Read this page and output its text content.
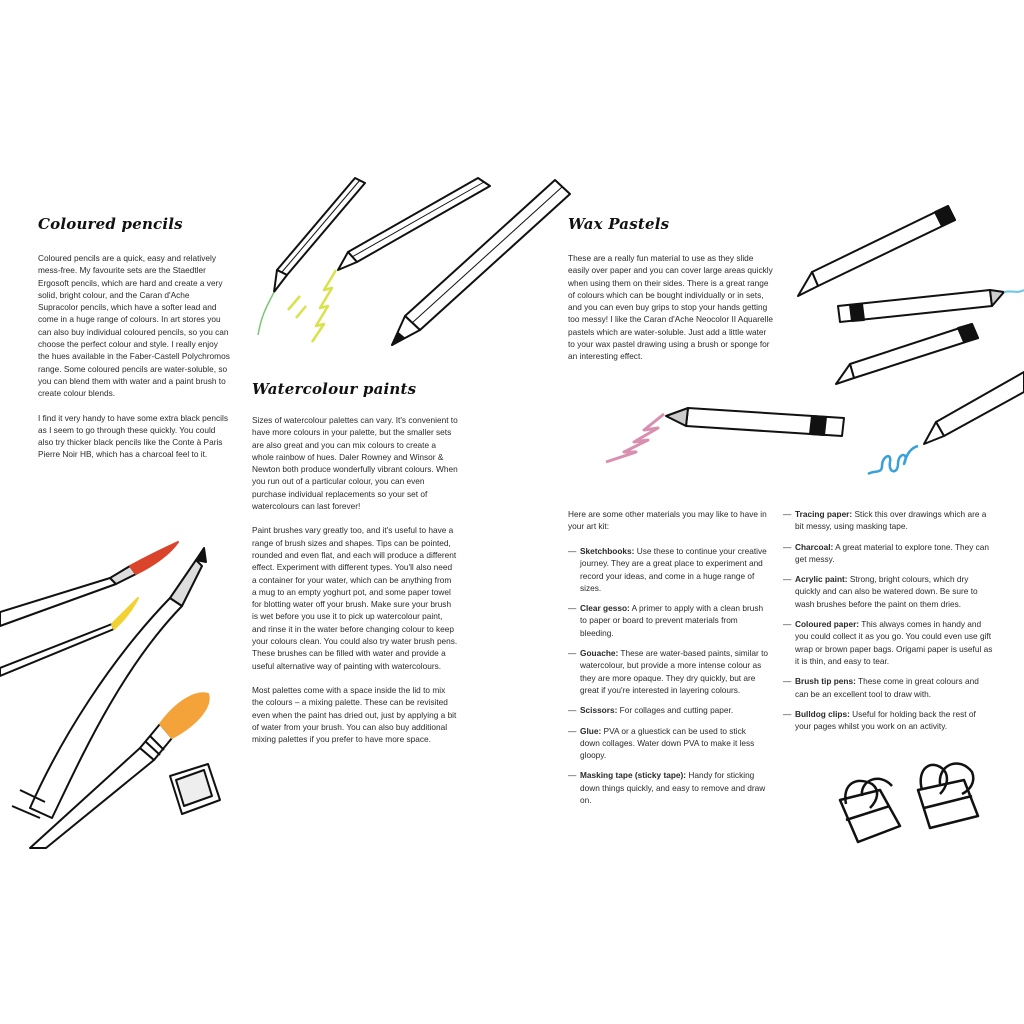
Coloured pencils

Coloured pencils are a quick, easy and relatively mess-free. My favourite sets are the Staedtler Ergosoft pencils, which are hard and create a very solid, bright colour, and the Caran d'Ache Supracolor pencils, which have a softer lead and come in a huge range of colours. In art stores you can also buy individual coloured pencils, so you can choose the perfect colour and style. I really enjoy the hues available in the Faber-Castell Polychromos range. Some coloured pencils are water-soluble, so you can blend them with water and a paint brush to create colour blends.

I find it very handy to have some extra black pencils as I seem to go through these quickly. You could also try thicker black pencils like the Conte à Paris Pierre Noir HB, which has a charcoal feel to it.

Watercolour paints

Sizes of watercolour palettes can vary. It's convenient to have more colours in your palette, but the smaller sets are also great and you can mix colours to create a whole rainbow of hues. Daler Rowney and Winsor & Newton both produce wonderfully vibrant colours. When you run out of a particular colour, you can even purchase individual replacements so your set of watercolours can last forever!

Paint brushes vary greatly too, and it's useful to have a range of brush sizes and shapes. Tips can be pointed, rounded and even flat, and each will produce a different effect. Experiment with different types. You'll also need a container for your water, which can be anything from a mug to an empty yoghurt pot, and some paper towel for blotting water off your brush. Make sure your brush is wet before you use it to pick up watercolour paint, and rinse it in the water before changing colour to keep your colours clean. You could also try water brush pens. These brushes can be filled with water and provide a useful alternative way of painting with watercolours.

Most palettes come with a space inside the lid to mix the colours – a mixing palette. These can be revisited even when the paint has dried out, just by applying a bit of water from your brush. You can also buy additional mixing palettes if you prefer to have more space.

Wax Pastels

These are a really fun material to use as they slide easily over paper and you can cover large areas quickly when using them on their sides. There is a great range of colours which can be bought individually or in sets, and you can even buy grips to stop your hands getting too messy! I like the Caran d'Ache Neocolor II Aquarelle pastels which are water-soluble. Just add a little water to your wax pastel drawing using a brush or sponge for an interesting effect.

Here are some other materials you may like to have in your art kit:

— Sketchbooks: Use these to continue your creative journey. They are a great place to experiment and record your ideas, and come in a huge range of sizes.
— Clear gesso: A primer to apply with a clean brush to paper or board to prevent materials from bleeding.
— Gouache: These are water-based paints, similar to watercolour, but provide a more intense colour as they are more opaque. They dry quickly, but are great if you're interested in layering colours.
— Scissors: For collages and cutting paper.
— Glue: PVA or a gluestick can be used to stick down collages. Water down PVA to make it less gloopy.
— Masking tape (sticky tape): Handy for sticking down things quickly, and easy to remove and draw on.
— Tracing paper: Stick this over drawings which are a bit messy, using masking tape.
— Charcoal: A great material to explore tone. They can get messy.
— Acrylic paint: Strong, bright colours, which dry quickly and can also be watered down. Be sure to wash brushes before the paint on them dries.
— Coloured paper: This always comes in handy and you could collect it as you go. You could even use gift wrap or brown paper bags. Origami paper is useful as it is thin, and easy to tear.
— Brush tip pens: These come in great colours and can be an excellent tool to draw with.
— Bulldog clips: Useful for holding back the rest of your pages whilst you work on an activity.
